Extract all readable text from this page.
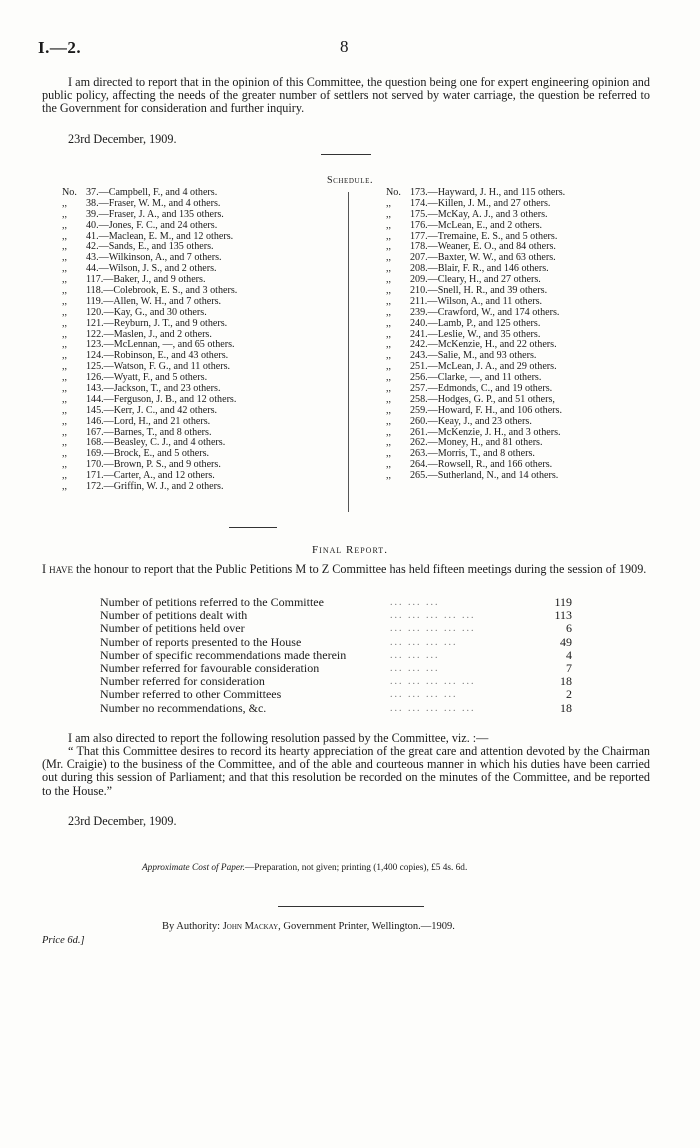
I.—2.	8
I am directed to report that in the opinion of this Committee, the question being one for expert engineering opinion and public policy, affecting the needs of the greater number of settlers not served by water carriage, the question be referred to the Government for consideration and further inquiry.
23rd December, 1909.
Schedule.
No. 37.—Campbell, F., and 4 others.
,,	38.—Fraser, W. M., and 4 others.
,,	39.—Fraser, J. A., and 135 others.
,,	40.—Jones, F. C., and 24 others.
,,	41.—Maclean, E. M., and 12 others.
,,	42.—Sands, E., and 135 others.
,,	43.—Wilkinson, A., and 7 others.
,,	44.—Wilson, J. S., and 2 others.
,,	117.—Baker, J., and 9 others.
,,	118.—Colebrook, E. S., and 3 others.
,,	119.—Allen, W. H., and 7 others.
,,	120.—Kay, G., and 30 others.
,,	121.—Reyburn, J. T., and 9 others.
,,	122.—Maslen, J., and 2 others.
,,	123.—McLennan, —, and 65 others.
,,	124.—Robinson, E., and 43 others.
,,	125.—Watson, F. G., and 11 others.
,,	126.—Wyatt, F., and 5 others.
,,	143.—Jackson, T., and 23 others.
,,	144.—Ferguson, J. B., and 12 others.
,,	145.—Kerr, J. C., and 42 others.
,,	146.—Lord, H., and 21 others.
,,	167.—Barnes, T., and 8 others.
,,	168.—Beasley, C. J., and 4 others.
,,	169.—Brock, E., and 5 others.
,,	170.—Brown, P. S., and 9 others.
,,	171.—Carter, A., and 12 others.
,,	172.—Griffin, W. J., and 2 others.
No. 173.—Hayward, J. H., and 115 others.
,,	174.—Killen, J. M., and 27 others.
,,	175.—McKay, A. J., and 3 others.
,,	176.—McLean, E., and 2 others.
,,	177.—Tremaine, E. S., and 5 others.
,,	178.—Weaner, E. O., and 84 others.
,,	207.—Baxter, W. W., and 63 others.
,,	208.—Blair, F. R., and 146 others.
,,	209.—Cleary, H., and 27 others.
,,	210.—Snell, H. R., and 39 others.
,,	211.—Wilson, A., and 11 others.
,,	239.—Crawford, W., and 174 others.
,,	240.—Lamb, P., and 125 others.
,,	241.—Leslie, W., and 35 others.
,,	242.—McKenzie, H., and 22 others.
,,	243.—Salie, M., and 93 others.
,,	251.—McLean, J. A., and 29 others.
,,	256.—Clarke, —, and 11 others.
,,	257.—Edmonds, C., and 19 others.
,,	258.—Hodges, G. P., and 51 others,
,,	259.—Howard, F. H., and 106 others.
,,	260.—Keay, J., and 23 others.
,,	261.—McKenzie, J. H., and 3 others.
,,	262.—Money, H., and 81 others.
,,	263.—Morris, T., and 8 others.
,,	264.—Rowsell, R., and 166 others.
,,	265.—Sutherland, N., and 14 others.
Final Report.
I have the honour to report that the Public Petitions M to Z Committee has held fifteen meetings during the session of 1909.
Number of petitions referred to the Committee	... ... ...	119
Number of petitions dealt with	... ... ... ... ...	113
Number of petitions held over	... ... ... ... ...	6
Number of reports presented to the House	... ... ... ...	49
Number of specific recommendations made therein	... ... ...	4
Number referred for favourable consideration	... ... ...	7
Number referred for consideration	... ... ... ... ...	18
Number referred to other Committees	... ... ... ...	2
Number no recommendations, &c.	... ... ... ... ...	18
I am also directed to report the following resolution passed by the Committee, viz. :—
“ That this Committee desires to record its hearty appreciation of the great care and attention devoted by the Chairman (Mr. Craigie) to the business of the Committee, and of the able and courteous manner in which his duties have been carried out during this session of Parliament; and that this resolution be recorded on the minutes of the Committee, and be reported to the House.”
23rd December, 1909.
Approximate Cost of Paper.—Preparation, not given; printing (1,400 copies), £5 4s. 6d.
By Authority: John Mackay, Government Printer, Wellington.—1909.
Price 6d.]
